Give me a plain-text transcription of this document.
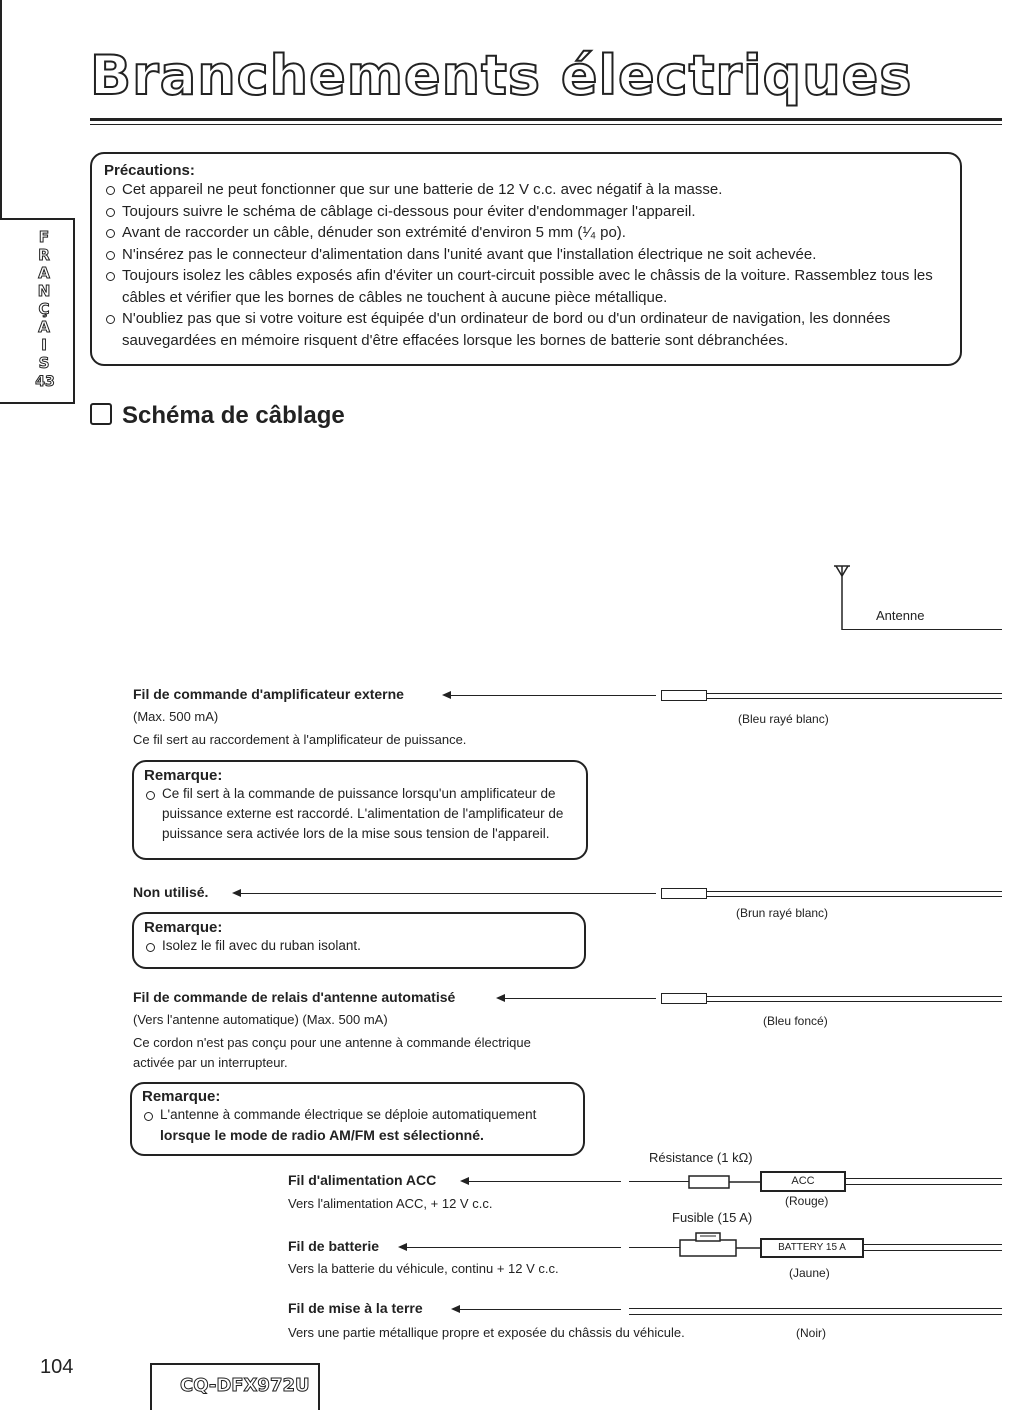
Branchements électriques
F
R
A
N
Ç
A
I
S
43
Précautions:
Cet appareil ne peut fonctionner que sur une batterie de 12 V c.c. avec négatif à la masse.
Toujours suivre le schéma de câblage ci-dessous pour éviter d'endommager l'appareil.
Avant de raccorder un câble, dénuder son extrémité d'environ 5 mm (¹⁄₄ po).
N'insérez pas le connecteur d'alimentation dans l'unité avant que l'installation électrique ne soit achevée.
Toujours isolez les câbles exposés afin d'éviter un court-circuit possible avec le châssis de la voiture. Rassemblez tous les câbles et vérifier que les bornes de câbles ne touchent à aucune pièce métallique.
N'oubliez pas que si votre voiture est équipée d'un ordinateur de bord ou d'un ordinateur de navigation, les données sauvegardées en mémoire risquent d'être effacées lorsque les bornes de batterie sont débranchées.
Schéma de câblage
Antenne
Fil de commande d'amplificateur externe
(Max. 500 mA)
Ce fil sert au raccordement à l'amplificateur de puissance.
(Bleu rayé blanc)
Remarque:
Ce fil sert à la commande de puissance lorsqu'un amplificateur de puissance externe est raccordé. L'alimentation de l'amplificateur de puissance sera activée lors de la mise sous tension de l'appareil.
Non utilisé.
(Brun rayé blanc)
Remarque:
Isolez le fil avec du ruban isolant.
Fil de commande de relais d'antenne automatisé
(Vers l'antenne automatique) (Max. 500 mA)
Ce cordon n'est pas conçu pour une antenne à commande électrique
activée par un interrupteur.
(Bleu foncé)
Remarque:
L'antenne à commande électrique se déploie automatiquement
lorsque le mode de radio AM/FM est sélectionné.
Résistance (1 kΩ)
Fil d'alimentation ACC	ACC
(Rouge)
Vers l'alimentation ACC, + 12 V c.c.
Fusible (15 A)
Fil de batterie	BATTERY 15 A
(Jaune)
Vers la batterie du véhicule, continu + 12 V c.c.
Fil de mise à la terre
Vers une partie métallique propre et exposée du châssis du véhicule.	(Noir)
104
CQ-DFX972U
